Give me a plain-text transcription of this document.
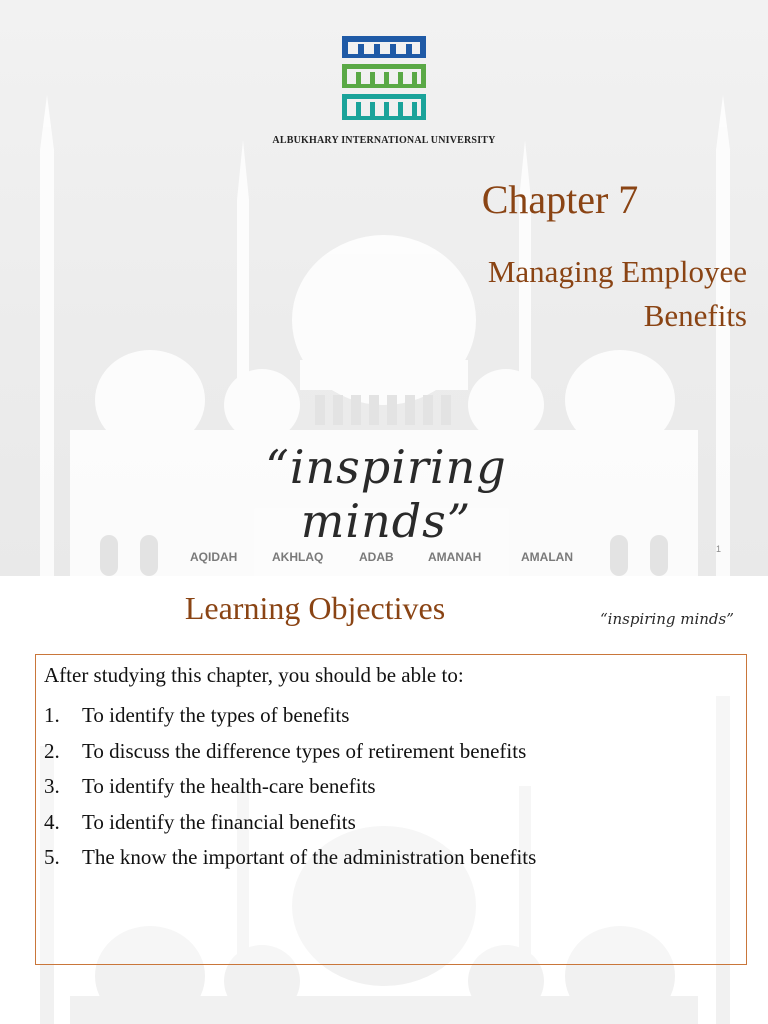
ALBUKHARY INTERNATIONAL UNIVERSITY
Chapter 7
Managing Employee
Benefits
“inspiring minds”
AQIDAH	AKHLAQ	ADAB	AMANAH	AMALAN
1
Learning Objectives	“inspiring minds”
After studying this chapter, you should be able to:
1.	To identify the types of benefits
2.	To discuss the difference types of retirement benefits
3.	To identify the health-care benefits
4.	To identify the financial benefits
5.	The know the important of the administration benefits
